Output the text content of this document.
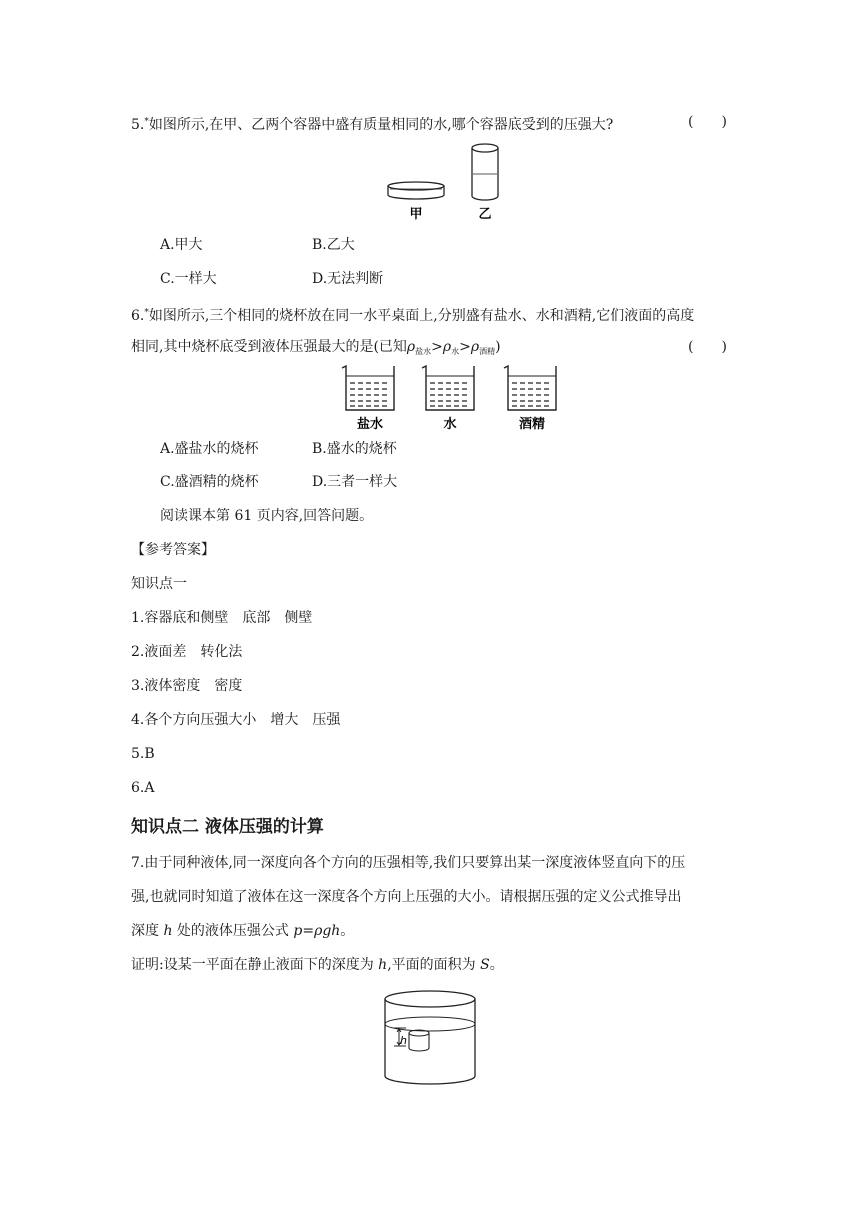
5.*如图所示,在甲、乙两个容器中盛有质量相同的水,哪个容器底受到的压强大?	(　　)
甲	乙
A.甲大	B.乙大
C.一样大	D.无法判断
6.*如图所示,三个相同的烧杯放在同一水平桌面上,分别盛有盐水、水和酒精,它们液面的高度
相同,其中烧杯底受到液体压强最大的是(已知$\rho_{盐水}>\rho_水>\rho_{酒精}$)	(　　)
盐水	水	酒精
A.盛盐水的烧杯	B.盛水的烧杯
C.盛酒精的烧杯	D.三者一样大
阅读课本第 61 页内容,回答问题。
【参考答案】
知识点一
1.容器底和侧壁　底部　侧壁
2.液面差　转化法
3.液体密度　密度
4.各个方向压强大小　增大　压强
5.B
6.A
知识点二 液体压强的计算
7.由于同种液体,同一深度向各个方向的压强相等,我们只要算出某一深度液体竖直向下的压
强,也就同时知道了液体在这一深度各个方向上压强的大小。请根据压强的定义公式推导出
深度 h 处的液体压强公式 p=ρgh。
证明:设某一平面在静止液面下的深度为 h,平面的面积为 S。
h
